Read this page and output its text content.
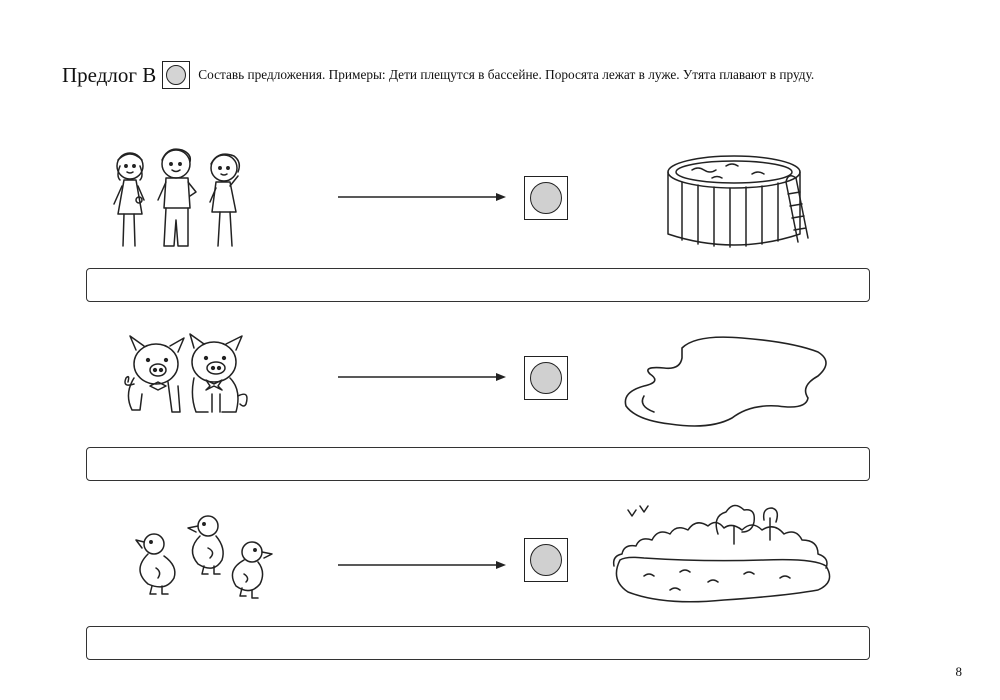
Предлог В	Составь предложения. Примеры: Дети плещутся в бассейне. Поросята лежат в луже. Утята плавают в пруду.
8
